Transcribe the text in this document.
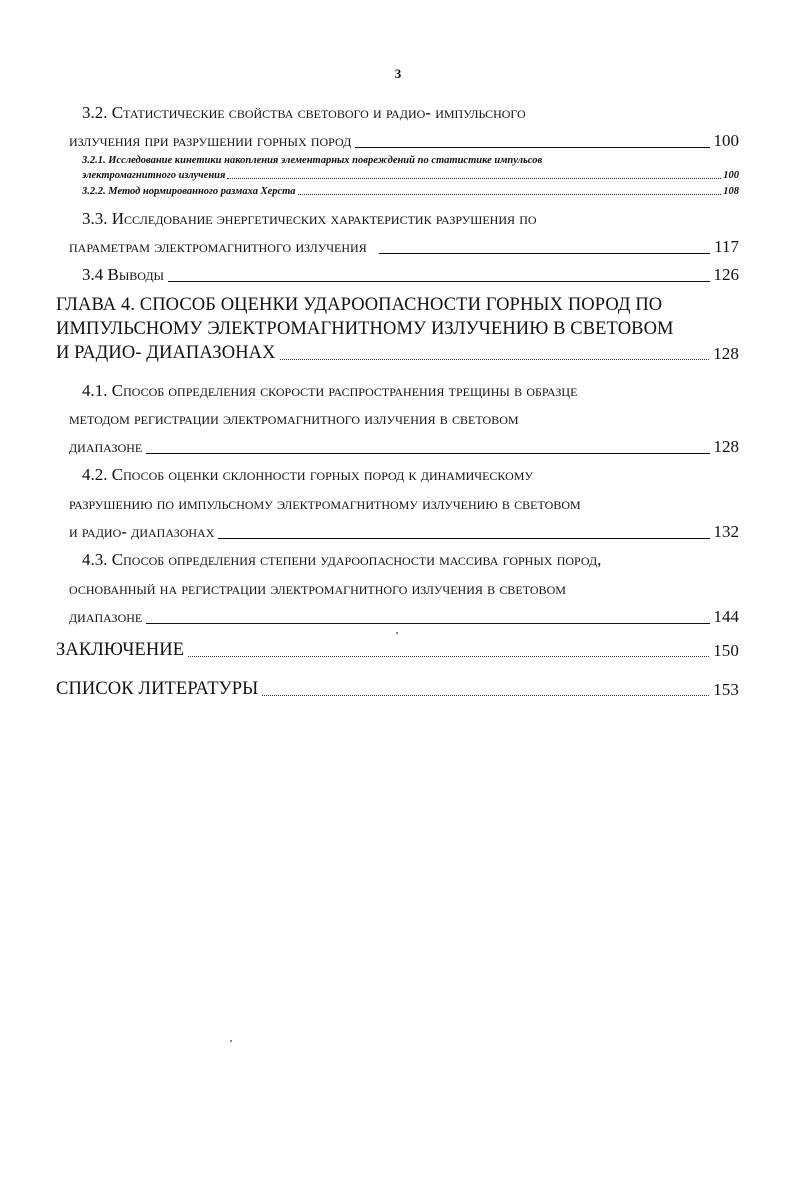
3
3.2. Статистические свойства светового и радио- импульсного
излучения при разрушении горных пород	100
3.2.1. Исследование кинетики накопления элементарных повреждений по статистике импульсов
электромагнитного излучения	100
3.2.2. Метод нормированного размаха Херста	108
3.3. Исследование энергетических характеристик разрушения по
параметрам электромагнитного излучения	117
3.4 Выводы	126
ГЛАВА 4. СПОСОБ ОЦЕНКИ УДАРООПАСНОСТИ ГОРНЫХ ПОРОД ПО
ИМПУЛЬСНОМУ ЭЛЕКТРОМАГНИТНОМУ ИЗЛУЧЕНИЮ В СВЕТОВОМ
И РАДИО- ДИАПАЗОНАХ	128
4.1. Способ определения скорости распространения трещины в образце
методом регистрации электромагнитного излучения в световом
диапазоне	128
4.2. Способ оценки склонности горных пород к динамическому
разрушению по импульсному электромагнитному излучению в световом
и радио- диапазонах	132
4.3. Способ определения степени удароопасности массива горных пород,
основанный на регистрации электромагнитного излучения в световом
диапазоне	144
ЗАКЛЮЧЕНИЕ	150
СПИСОК ЛИТЕРАТУРЫ	153
